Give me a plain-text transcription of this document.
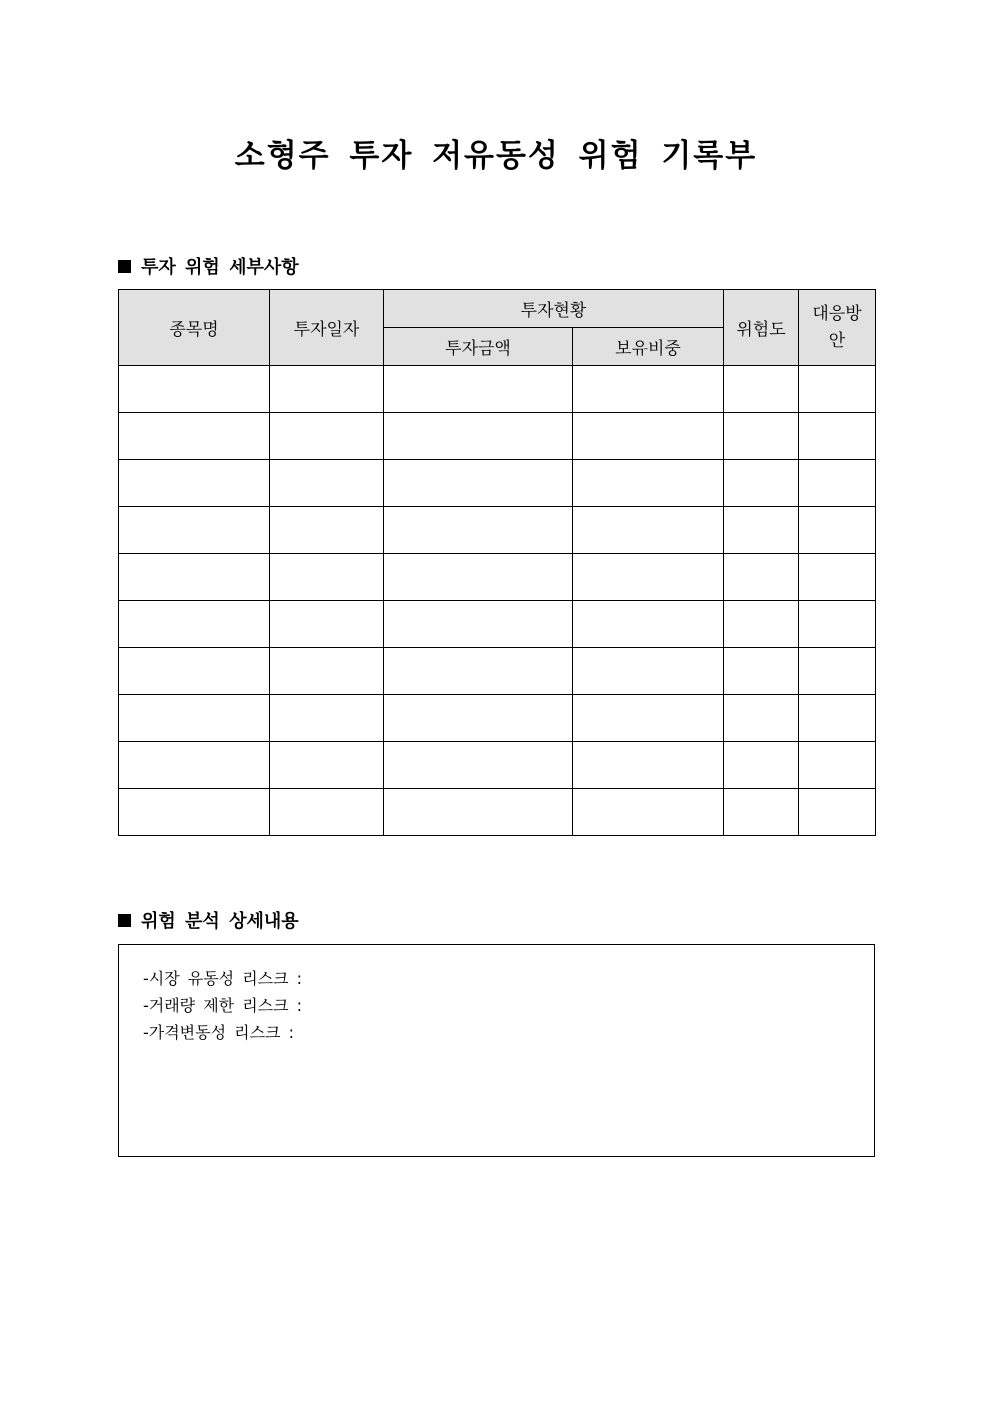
소형주 투자 저유동성 위험 기록부
투자 위험 세부사항
종목명	투자일자	투자현황		위험도	대응방안
		투자금액	보유비중		

위험 분석 상세내용
-시장 유동성 리스크 :
-거래량 제한 리스크 :
-가격변동성 리스크 :
